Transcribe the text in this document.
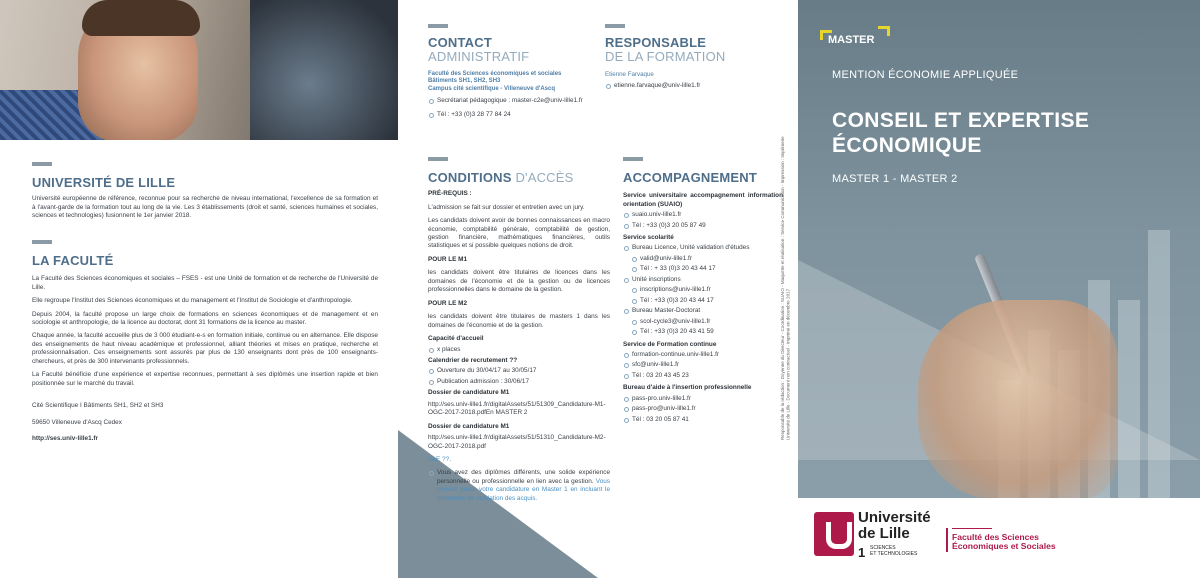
UNIVERSITÉ DE LILLE

Université européenne de référence, reconnue pour sa recherche de niveau international, l'excellence de sa formation et à l'avant-garde de la formation tout au long de la vie. Les 3 établissements (droit et santé, sciences humaines et sociales, sciences et technologies) fusionnent le 1er janvier 2018.

LA FACULTÉ

La Faculté des Sciences économiques et sociales – FSES - est une Unité de formation et de recherche de l'Université de Lille.

Elle regroupe l'Institut des Sciences économiques et du management et l'Institut de Sociologie et d'anthropologie.

Depuis 2004, la faculté propose un large choix de formations en sciences économiques et de management et en sociologie et anthropologie, de la licence au doctorat, dont 31 formations de la licence au master.

Chaque année, la faculté accueille plus de 3 000 étudiant-e-s en formation initiale, continue ou en alternance. Elle dispose des enseignements de haut niveau académique et professionnel, alliant théories et mises en pratique, recherche et professionnalisation. Ces enseignements sont assurés par plus de 130 enseignants dont près de 100 enseignants-chercheurs, et près de 300 intervenants professionnels.

La Faculté bénéficie d'une expérience et expertise reconnues, permettant à ses diplômés une insertion rapide et bien positionnée sur le marché du travail.

Cité Scientifique I Bâtiments SH1, SH2 et SH3

59650 Villeneuve d'Ascq Cedex

http://ses.univ-lille1.fr

CONTACT
ADMINISTRATIF
Faculté des Sciences économiques et sociales
Bâtiments SH1, SH2, SH3
Campus cité scientifique - Villeneuve d'Ascq
Secrétariat pédagogique : master-c2e@univ-lille1.fr
Tél : +33 (0)3 28 77 84 24
RESPONSABLE
DE LA FORMATION
Etienne Farvaque
etienne.farvaque@univ-lille1.fr
CONDITIONS D'ACCÈS

PRÉ-REQUIS :

L'admission se fait sur dossier et entretien avec un jury.

Les candidats doivent avoir de bonnes connaissances en macro économie, comptabilité générale, comptabilité de gestion, gestion financière, mathématiques financières, outils statistiques et si possible quelques notions de droit.

POUR LE M1

les candidats doivent être titulaires de licences dans les domaines de l'économie et de la gestion ou de licences professionnelles dans le domaine de la gestion.

POUR LE M2

les candidats doivent être titulaires de masters 1 dans les domaines de l'économie et de la gestion.

Capacité d'accueil

x places

Calendrier de recrutement ??

Ouverture du 30/04/17 au 30/05/17
Publication admission : 30/06/17

Dossier de candidature M1

http://ses.univ-lille1.fr/digitalAssets/51/51309_Candidature-M1-OGC-2017-2018.pdfEn MASTER 2

Dossier de candidature M1

http://ses.univ-lille1.fr/digitalAssets/51/51310_Candidature-M2-OGC-2017-2018.pdf

VAE ??.

Vous avez des diplômes différents, une solide expérience personnelle ou professionnelle en lien avec la gestion. Vous pouvez poser votre candidature en Master 1 en incluant le formulaire de validation des acquis.
ACCOMPAGNEMENT

Service universitaire accompagnement information orientation (SUAIO)

suaio.univ-lille1.fr
Tél : +33 (0)3 20 05 87 49

Service scolarité

Bureau Licence, Unité validation d'études
valid@univ-lille1.fr
Tél : + 33 (0)3 20 43 44 17
Unité inscriptions
inscriptions@univ-lille1.fr
Tél : +33 (0)3 20 43 44 17
Bureau Master-Doctorat
scol-cycle3@univ-lille1.fr
Tél : +33 (0)3 20 43 41 59

Service de Formation continue

formation-continue.univ-lille1.fr
sfc@univ-lille1.fr
Tél : 03 20 43 45 23

Bureau d'aide à l'insertion professionnelle

pass-pro.univ-lille1.fr
pass-pro@univ-lille1.fr
Tél : 03 20 05 87 41	Responsable de la rédaction : Doyenne du Directeur - Coordination : SUAIO - Maquette et réalisation : Service Communication - Impression : Imprimerie Université de Lille - Document non contractuel - Imprimé en décembre 2017
MASTER
MENTION ÉCONOMIE APPLIQUÉE
CONSEIL ET EXPERTISE
ÉCONOMIQUE
MASTER 1 - MASTER 2
Université
de Lille
1 SCIENCES
ET TECHNOLOGIES
Faculté des Sciences
Économiques et Sociales
